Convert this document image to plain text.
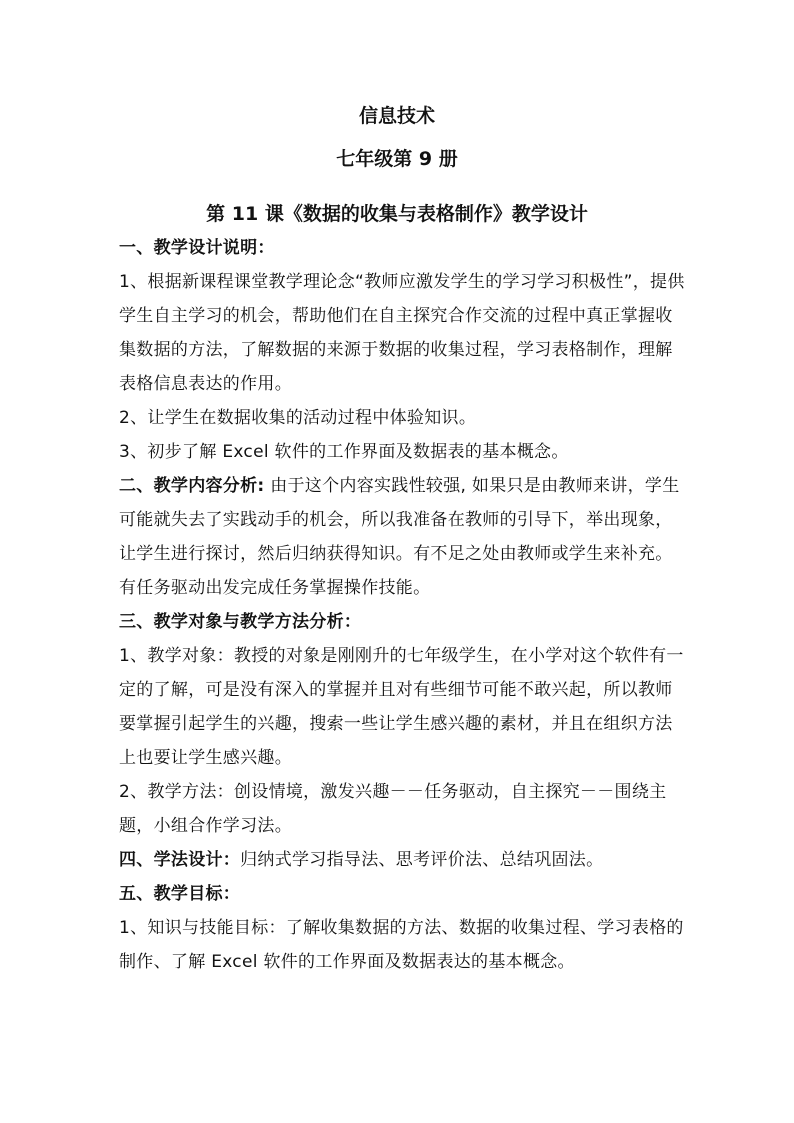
信息技术
七年级第 9 册
第 11 课《数据的收集与表格制作》教学设计

一、教学设计说明：

1、根据新课程课堂教学理论念“教师应激发学生的学习学习积极性”，提供学生自主学习的机会，帮助他们在自主探究合作交流的过程中真正掌握收集数据的方法，了解数据的来源于数据的收集过程，学习表格制作，理解表格信息表达的作用。

2、让学生在数据收集的活动过程中体验知识。

3、初步了解 Excel 软件的工作界面及数据表的基本概念。

二、教学内容分析: 由于这个内容实践性较强, 如果只是由教师来讲，学生可能就失去了实践动手的机会，所以我准备在教师的引导下，举出现象，让学生进行探讨，然后归纳获得知识。有不足之处由教师或学生来补充。有任务驱动出发完成任务掌握操作技能。

三、教学对象与教学方法分析：

1、教学对象：教授的对象是刚刚升的七年级学生，在小学对这个软件有一定的了解，可是没有深入的掌握并且对有些细节可能不敢兴起，所以教师要掌握引起学生的兴趣，搜索一些让学生感兴趣的素材，并且在组织方法上也要让学生感兴趣。

2、教学方法：创设情境，激发兴趣－－任务驱动，自主探究－－围绕主题，小组合作学习法。

四、学法设计：归纳式学习指导法、思考评价法、总结巩固法。

五、教学目标：

1、知识与技能目标：了解收集数据的方法、数据的收集过程、学习表格的制作、了解 Excel 软件的工作界面及数据表达的基本概念。
